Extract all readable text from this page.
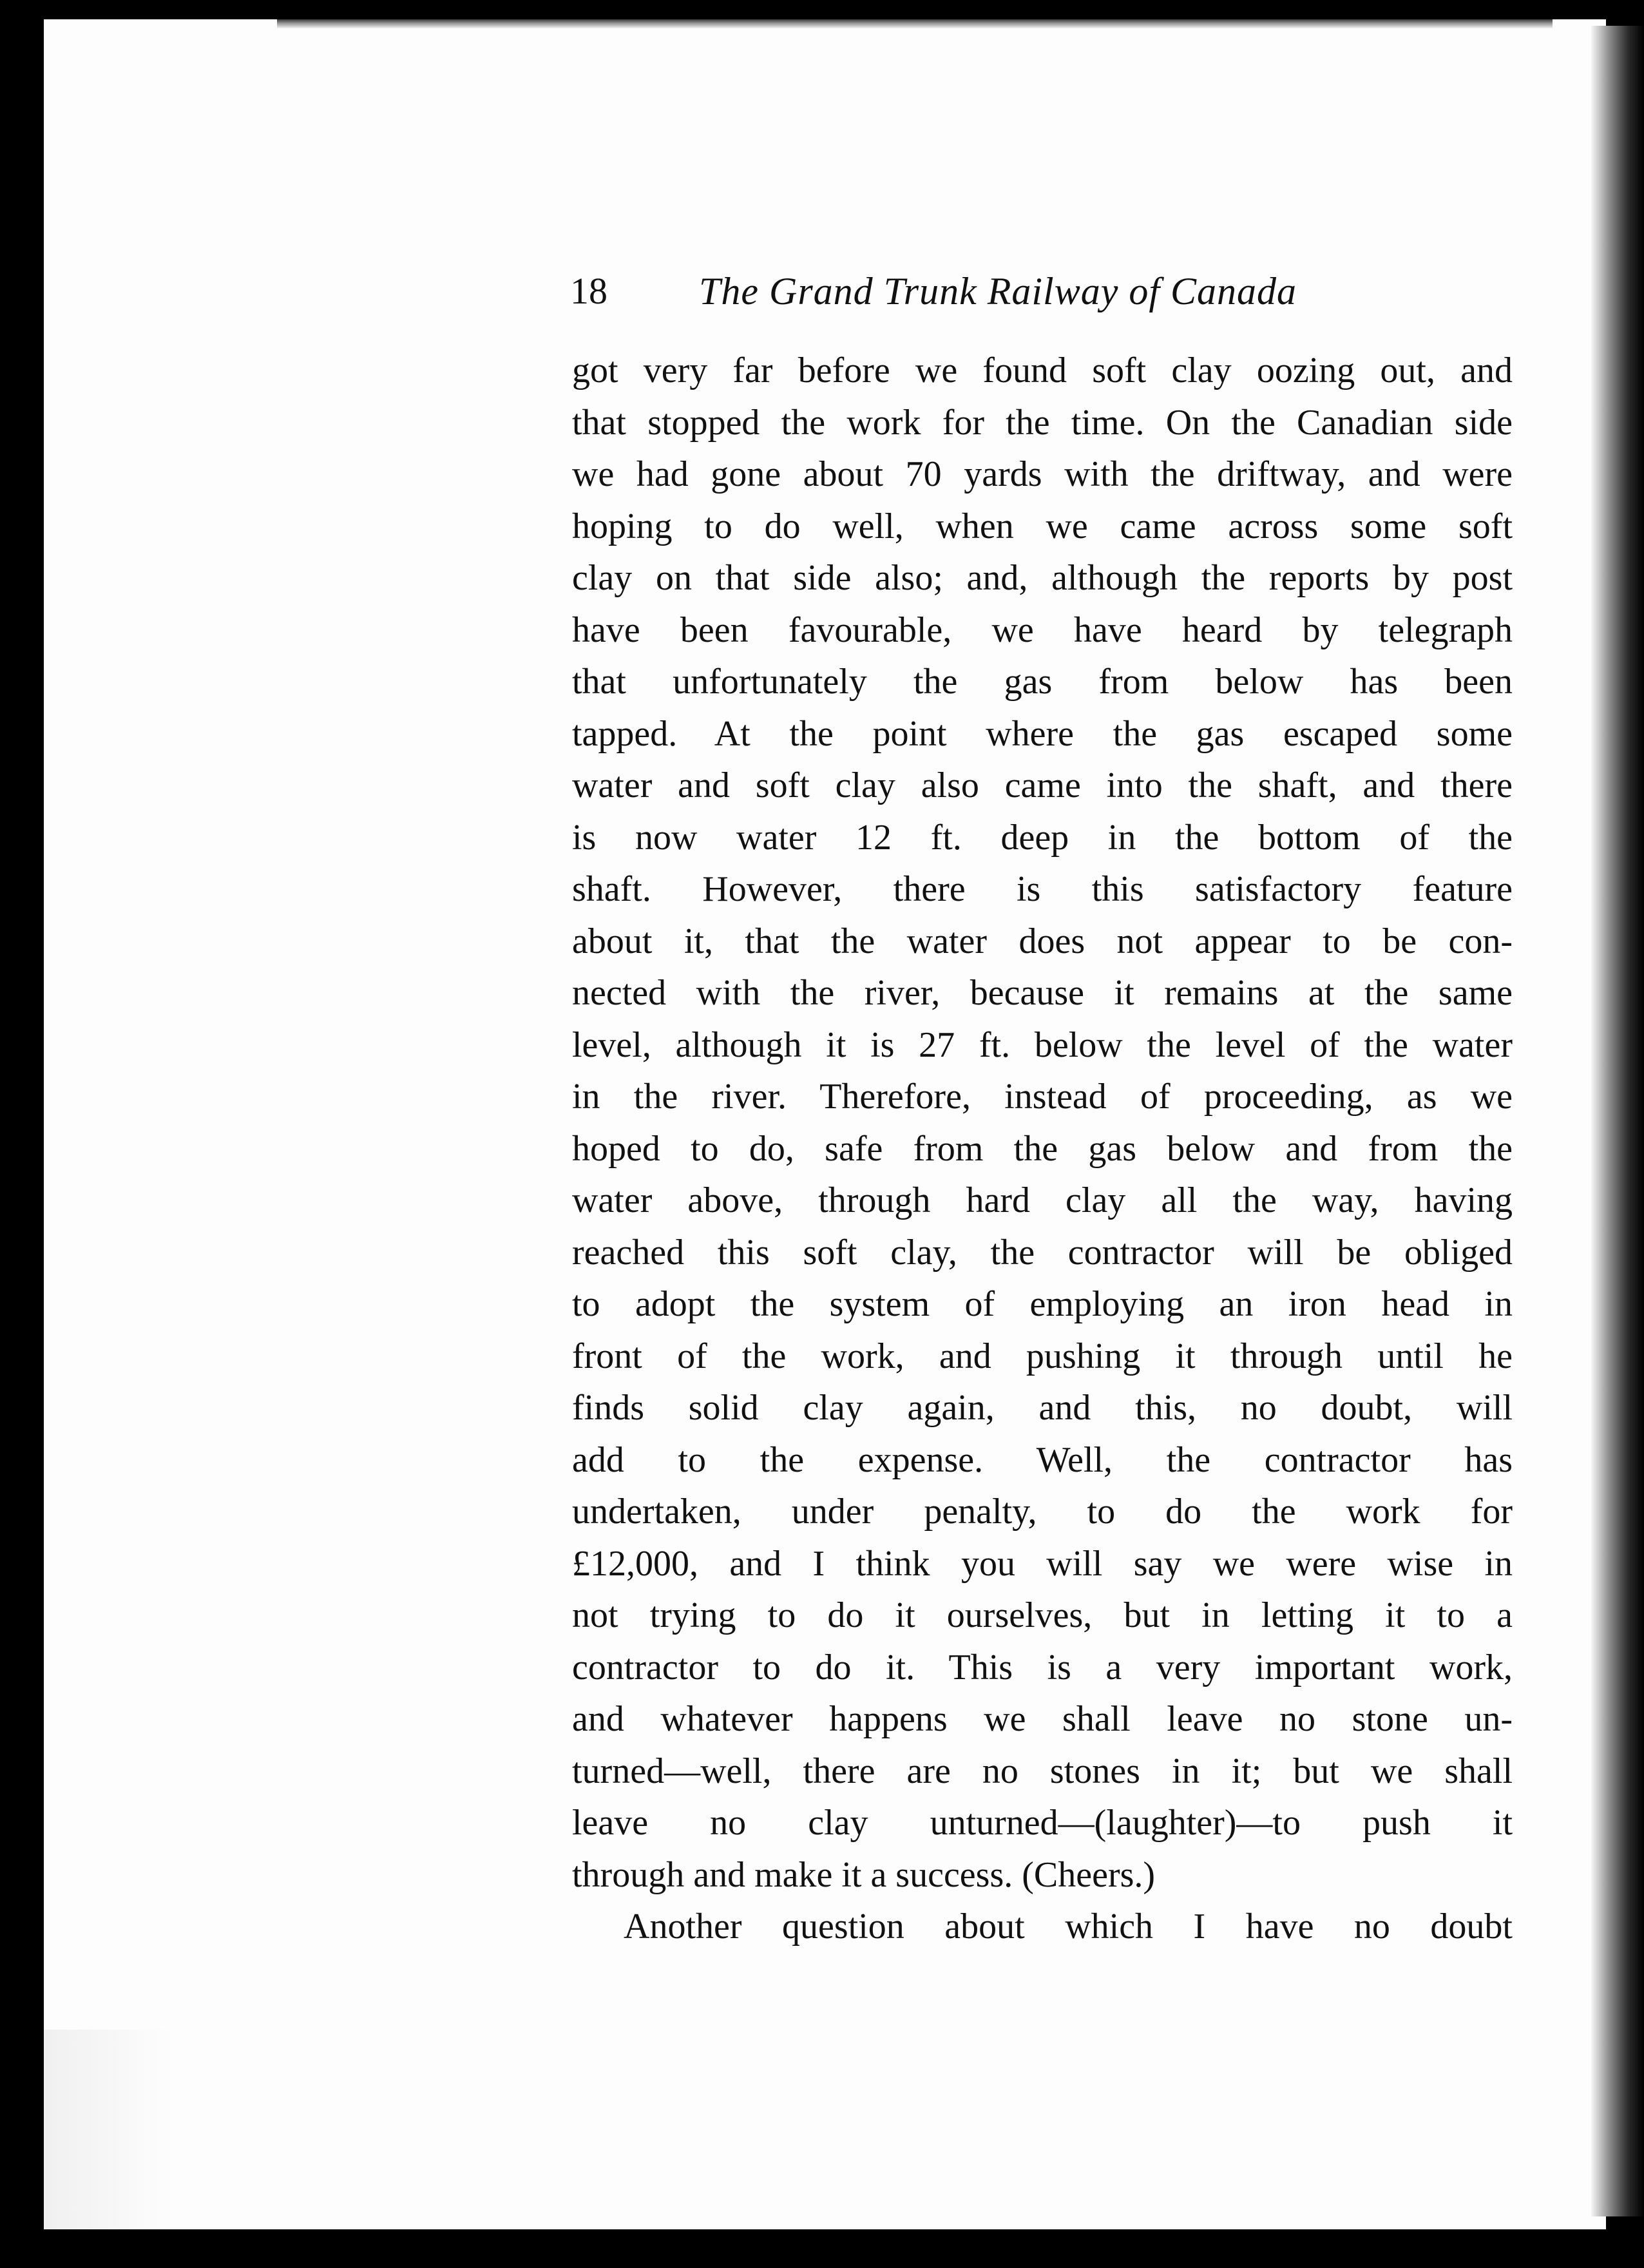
18 The Grand Trunk Railway of Canada
got very far before we found soft clay oozing out, and
that stopped the work for the time. On the Canadian side
we had gone about 70 yards with the driftway, and were
hoping to do well, when we came across some soft
clay on that side also; and, although the reports by post
have been favourable, we have heard by telegraph
that unfortunately the gas from below has been
tapped. At the point where the gas escaped some
water and soft clay also came into the shaft, and there
is now water 12 ft. deep in the bottom of the
shaft. However, there is this satisfactory feature
about it, that the water does not appear to be con-
nected with the river, because it remains at the same
level, although it is 27 ft. below the level of the water
in the river. Therefore, instead of proceeding, as we
hoped to do, safe from the gas below and from the
water above, through hard clay all the way, having
reached this soft clay, the contractor will be obliged
to adopt the system of employing an iron head in
front of the work, and pushing it through until he
finds solid clay again, and this, no doubt, will
add to the expense. Well, the contractor has
undertaken, under penalty, to do the work for
£12,000, and I think you will say we were wise in
not trying to do it ourselves, but in letting it to a
contractor to do it. This is a very important work,
and whatever happens we shall leave no stone un-
turned—well, there are no stones in it; but we shall
leave no clay unturned—(laughter)—to push it
through and make it a success. (Cheers.)
Another question about which I have no doubt
